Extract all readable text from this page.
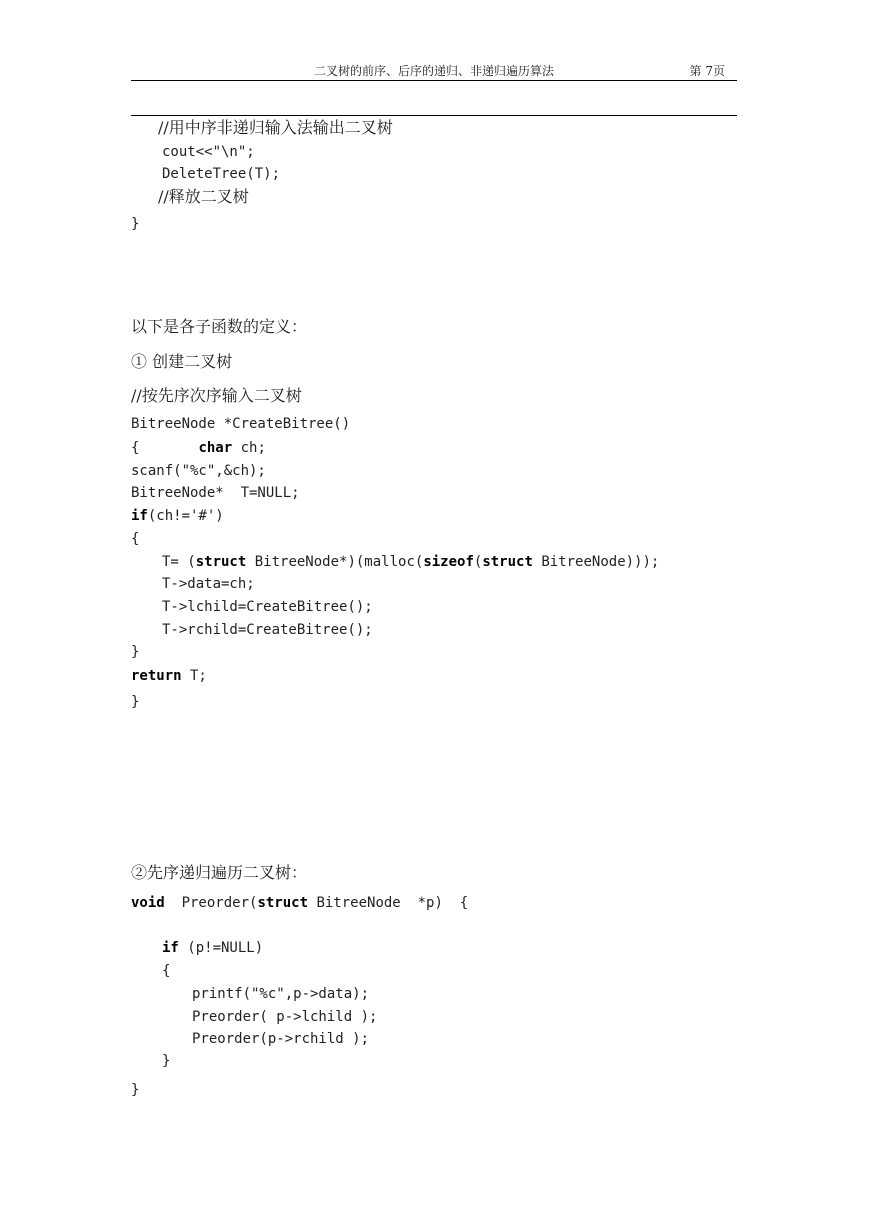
二叉树的前序、后序的递归、非递归遍历算法	第 7页
//用中序非递归输入法输出二叉树
cout<<"\n";
DeleteTree(T);
//释放二叉树
}
以下是各子函数的定义：
① 创建二叉树
//按先序次序输入二叉树
BitreeNode *CreateBitree()
{       char ch;
scanf("%c",&ch);
BitreeNode*  T=NULL;
if(ch!='#')
{
T= (struct BitreeNode*)(malloc(sizeof(struct BitreeNode)));
T->data=ch;
T->lchild=CreateBitree();
T->rchild=CreateBitree();
}
return T;
}
②先序递归遍历二叉树：
void  Preorder(struct BitreeNode  *p)  {
if (p!=NULL)
{
printf("%c",p->data);
Preorder( p->lchild );
Preorder(p->rchild );
}
}
